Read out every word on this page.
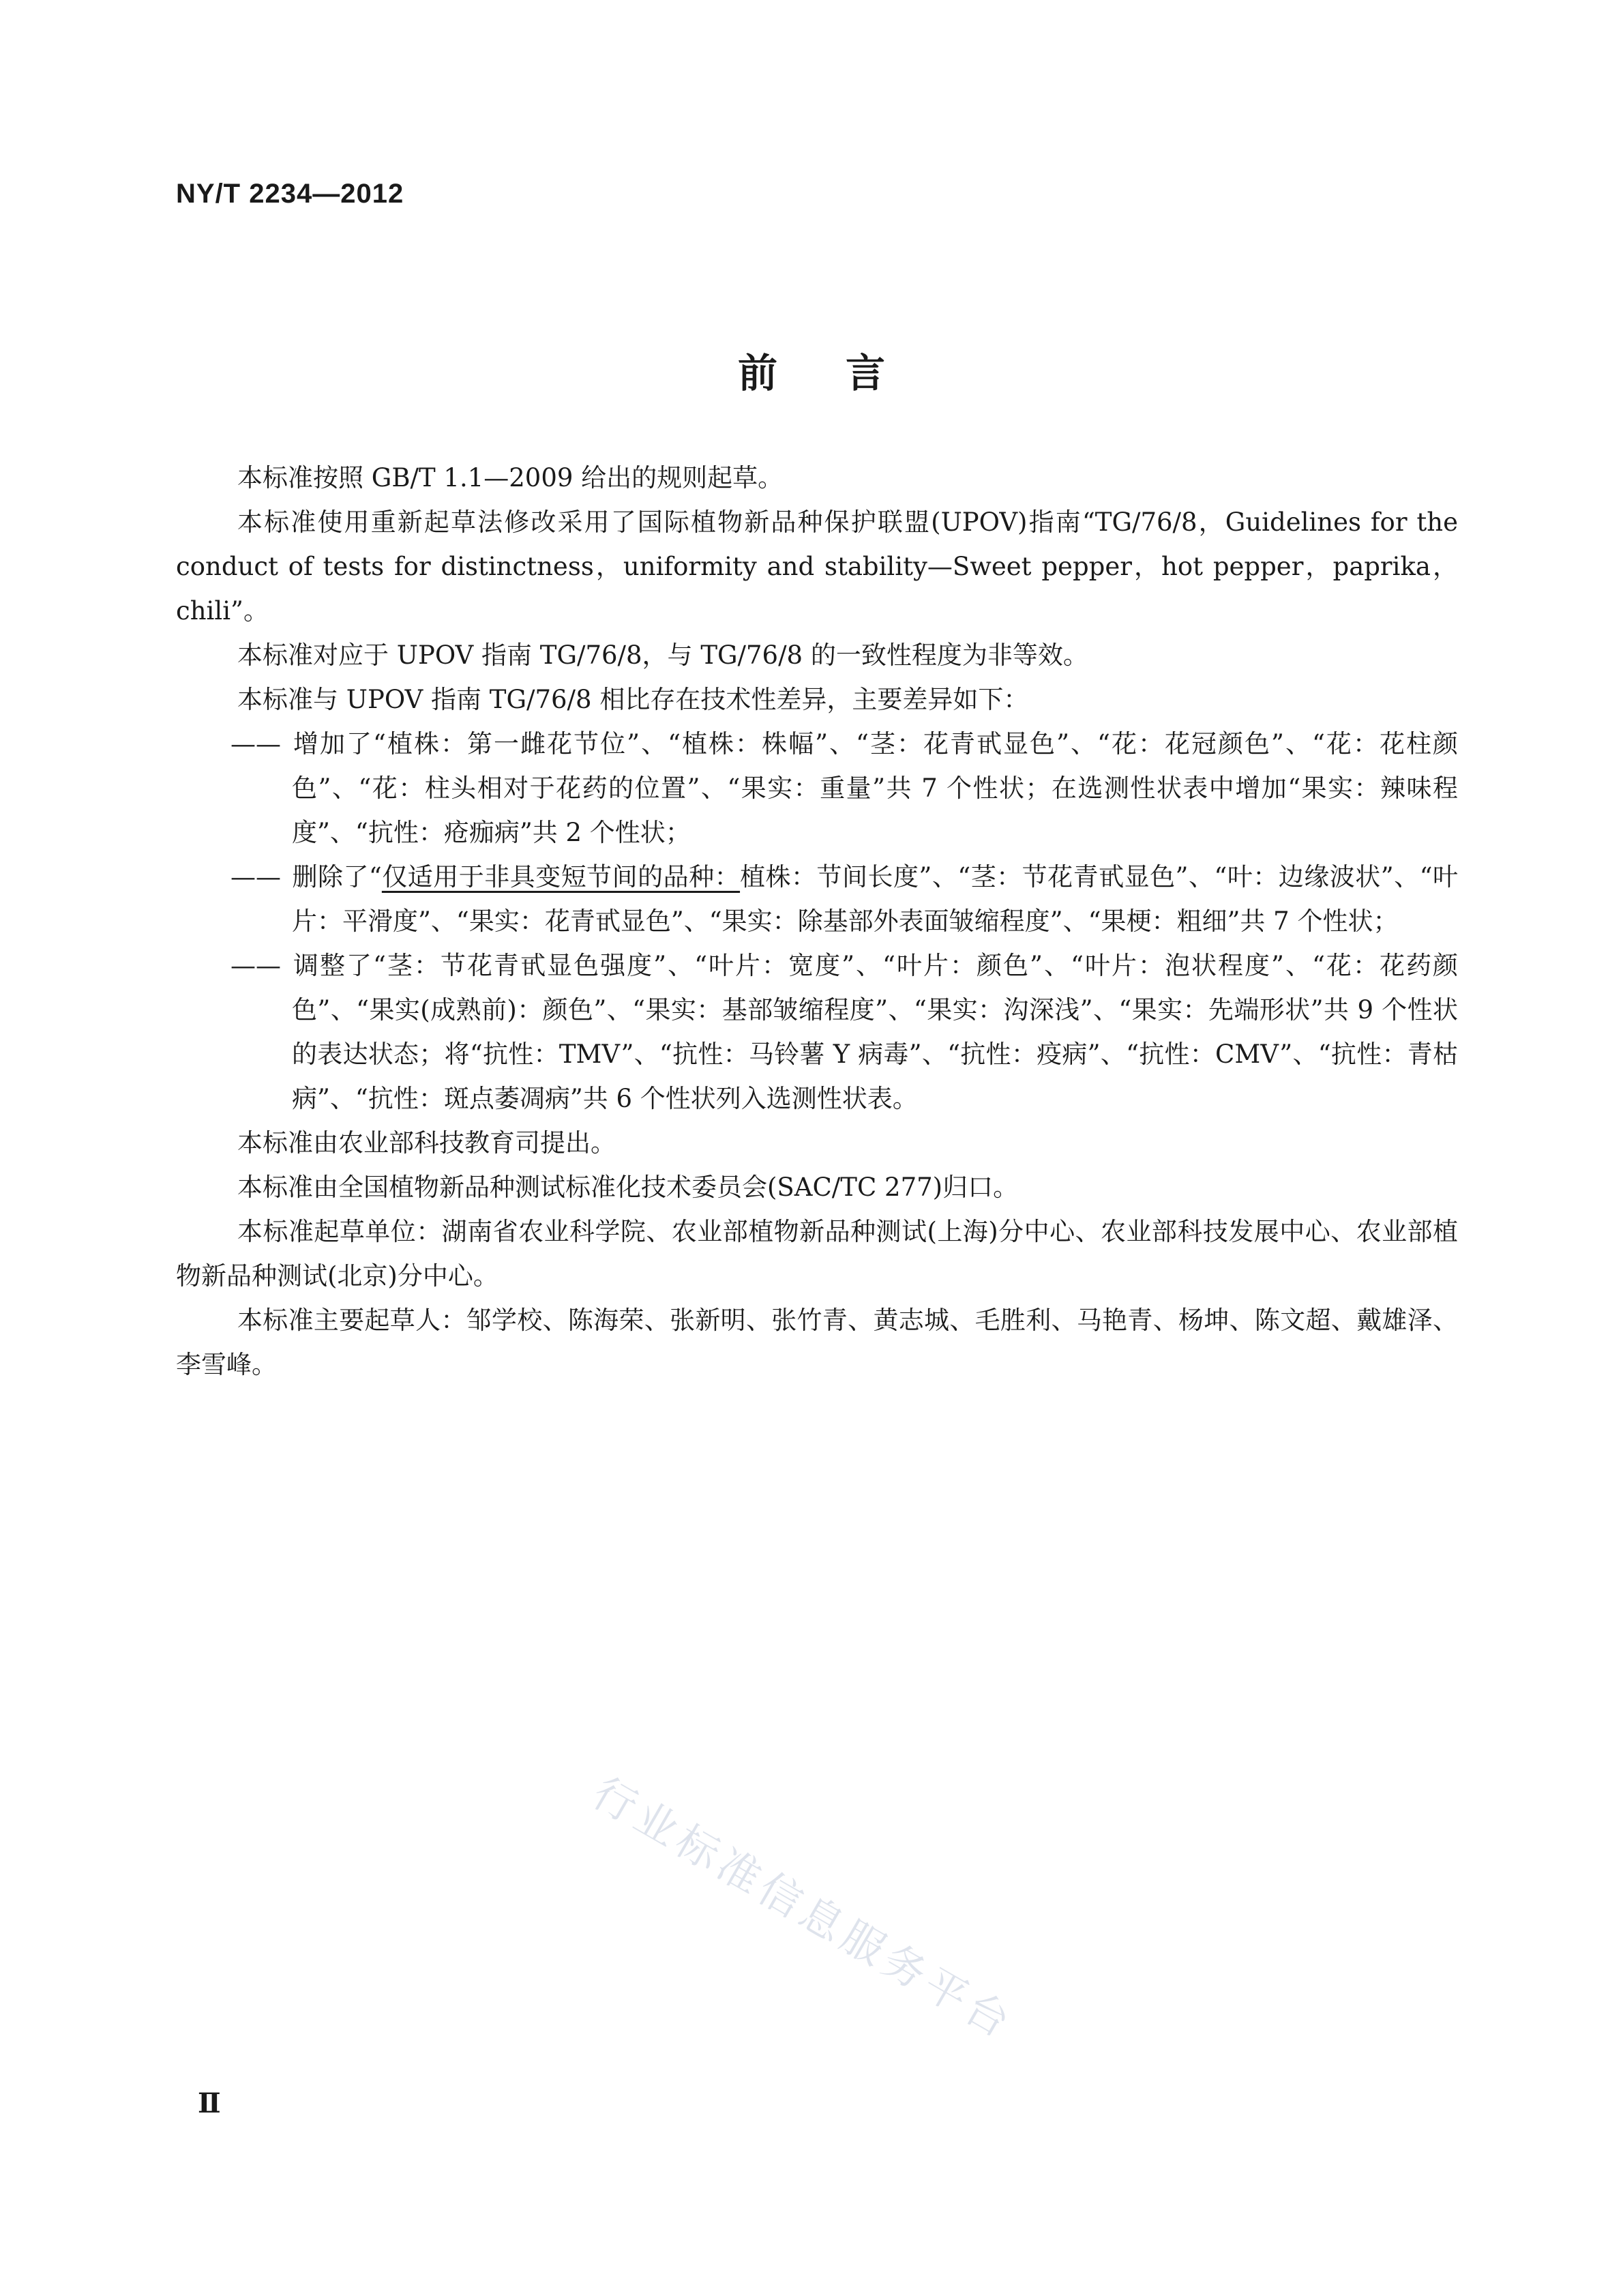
NY/T 2234—2012
前言

本标准按照 GB/T 1.1—2009 给出的规则起草。

本标准使用重新起草法修改采用了国际植物新品种保护联盟(UPOV)指南“TG/76/8，Guidelines for the conduct of tests for distinctness，uniformity and stability—Sweet pepper，hot pepper，paprika，chili”。

本标准对应于 UPOV 指南 TG/76/8，与 TG/76/8 的一致性程度为非等效。

本标准与 UPOV 指南 TG/76/8 相比存在技术性差异，主要差异如下：

—— 增加了“植株：第一雌花节位”、“植株：株幅”、“茎：花青甙显色”、“花：花冠颜色”、“花：花柱颜色”、“花：柱头相对于花药的位置”、“果实：重量”共 7 个性状；在选测性状表中增加“果实：辣味程度”、“抗性：疮痂病”共 2 个性状；

—— 删除了“仅适用于非具变短节间的品种：植株：节间长度”、“茎：节花青甙显色”、“叶：边缘波状”、“叶片：平滑度”、“果实：花青甙显色”、“果实：除基部外表面皱缩程度”、“果梗：粗细”共 7 个性状；

—— 调整了“茎：节花青甙显色强度”、“叶片：宽度”、“叶片：颜色”、“叶片：泡状程度”、“花：花药颜色”、“果实(成熟前)：颜色”、“果实：基部皱缩程度”、“果实：沟深浅”、“果实：先端形状”共 9 个性状的表达状态；将“抗性：TMV”、“抗性：马铃薯 Y 病毒”、“抗性：疫病”、“抗性：CMV”、“抗性：青枯病”、“抗性：斑点萎凋病”共 6 个性状列入选测性状表。

本标准由农业部科技教育司提出。

本标准由全国植物新品种测试标准化技术委员会(SAC/TC 277)归口。

本标准起草单位：湖南省农业科学院、农业部植物新品种测试(上海)分中心、农业部科技发展中心、农业部植物新品种测试(北京)分中心。

本标准主要起草人：邹学校、陈海荣、张新明、张竹青、黄志城、毛胜利、马艳青、杨坤、陈文超、戴雄泽、李雪峰。

行业标准信息服务平台
Ⅱ
